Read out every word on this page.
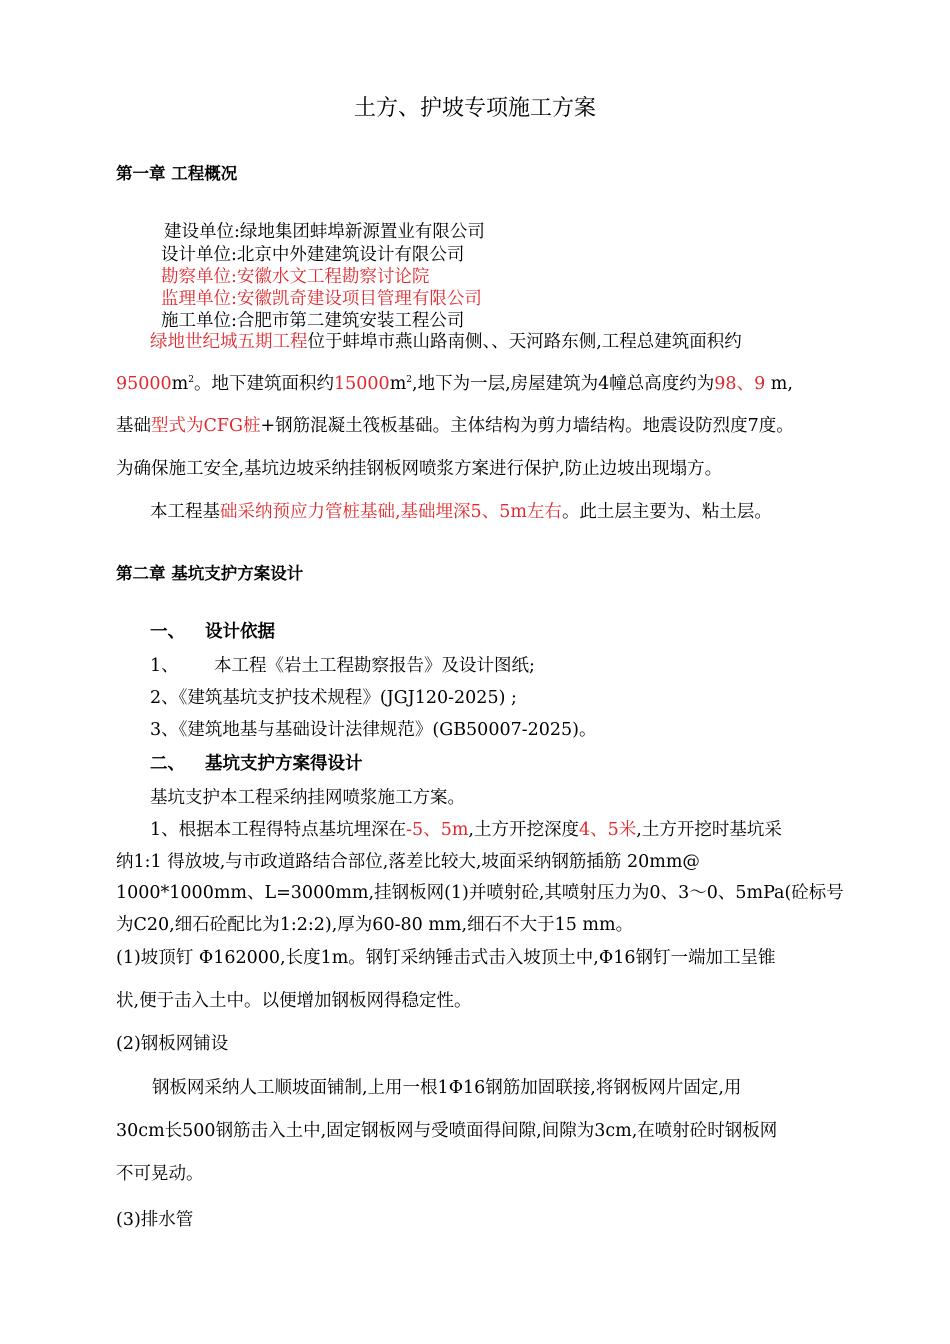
土方、护坡专项施工方案
第一章 工程概况
建设单位:绿地集团蚌埠新源置业有限公司
设计单位:北京中外建建筑设计有限公司
勘察单位:安徽水文工程勘察讨论院
监理单位:安徽凯奇建设项目管理有限公司
施工单位:合肥市第二建筑安装工程公司
绿地世纪城五期工程位于蚌埠市燕山路南侧、、天河路东侧,工程总建筑面积约
$95000m^2$。地下建筑面积约$15000m^2$,地下为一层,房屋建筑为4幢总高度约为98、9 m,
基础型式为CFG桩+钢筋混凝土筏板基础。主体结构为剪力墙结构。地震设防烈度7度。
为确保施工安全,基坑边坡采纳挂钢板网喷浆方案进行保护,防止边坡出现塌方。
本工程基础采纳预应力管桩基础,基础埋深5、5m左右。此土层主要为、粘土层。
第二章 基坑支护方案设计
一、 设计依据
1、 本工程《岩土工程勘察报告》及设计图纸;
2、《建筑基坑支护技术规程》(JGJ120-2025) ;
3、《建筑地基与基础设计法律规范》(GB50007-2025)。
二、 基坑支护方案得设计
基坑支护本工程采纳挂网喷浆施工方案。
1、根据本工程得特点基坑埋深在-5、5m,土方开挖深度4、5米,土方开挖时基坑采
纳1:1 得放坡,与市政道路结合部位,落差比较大,坡面采纳钢筋插筋 20mm@
1000*1000mm、L=3000mm,挂钢板网(1)并喷射砼,其喷射压力为0、3～0、5mPa(砼标号
为C20,细石砼配比为1:2:2),厚为60-80 mm,细石不大于15 mm。
(1)坡顶钉 Φ162000,长度1m。钢钉采纳锤击式击入坡顶土中,Φ16钢钉一端加工呈锥
状,便于击入土中。以便增加钢板网得稳定性。
(2)钢板网铺设
钢板网采纳人工顺坡面铺制,上用一根1Φ16钢筋加固联接,将钢板网片固定,用
30cm长500钢筋击入土中,固定钢板网与受喷面得间隙,间隙为3cm,在喷射砼时钢板网
不可晃动。
(3)排水管
